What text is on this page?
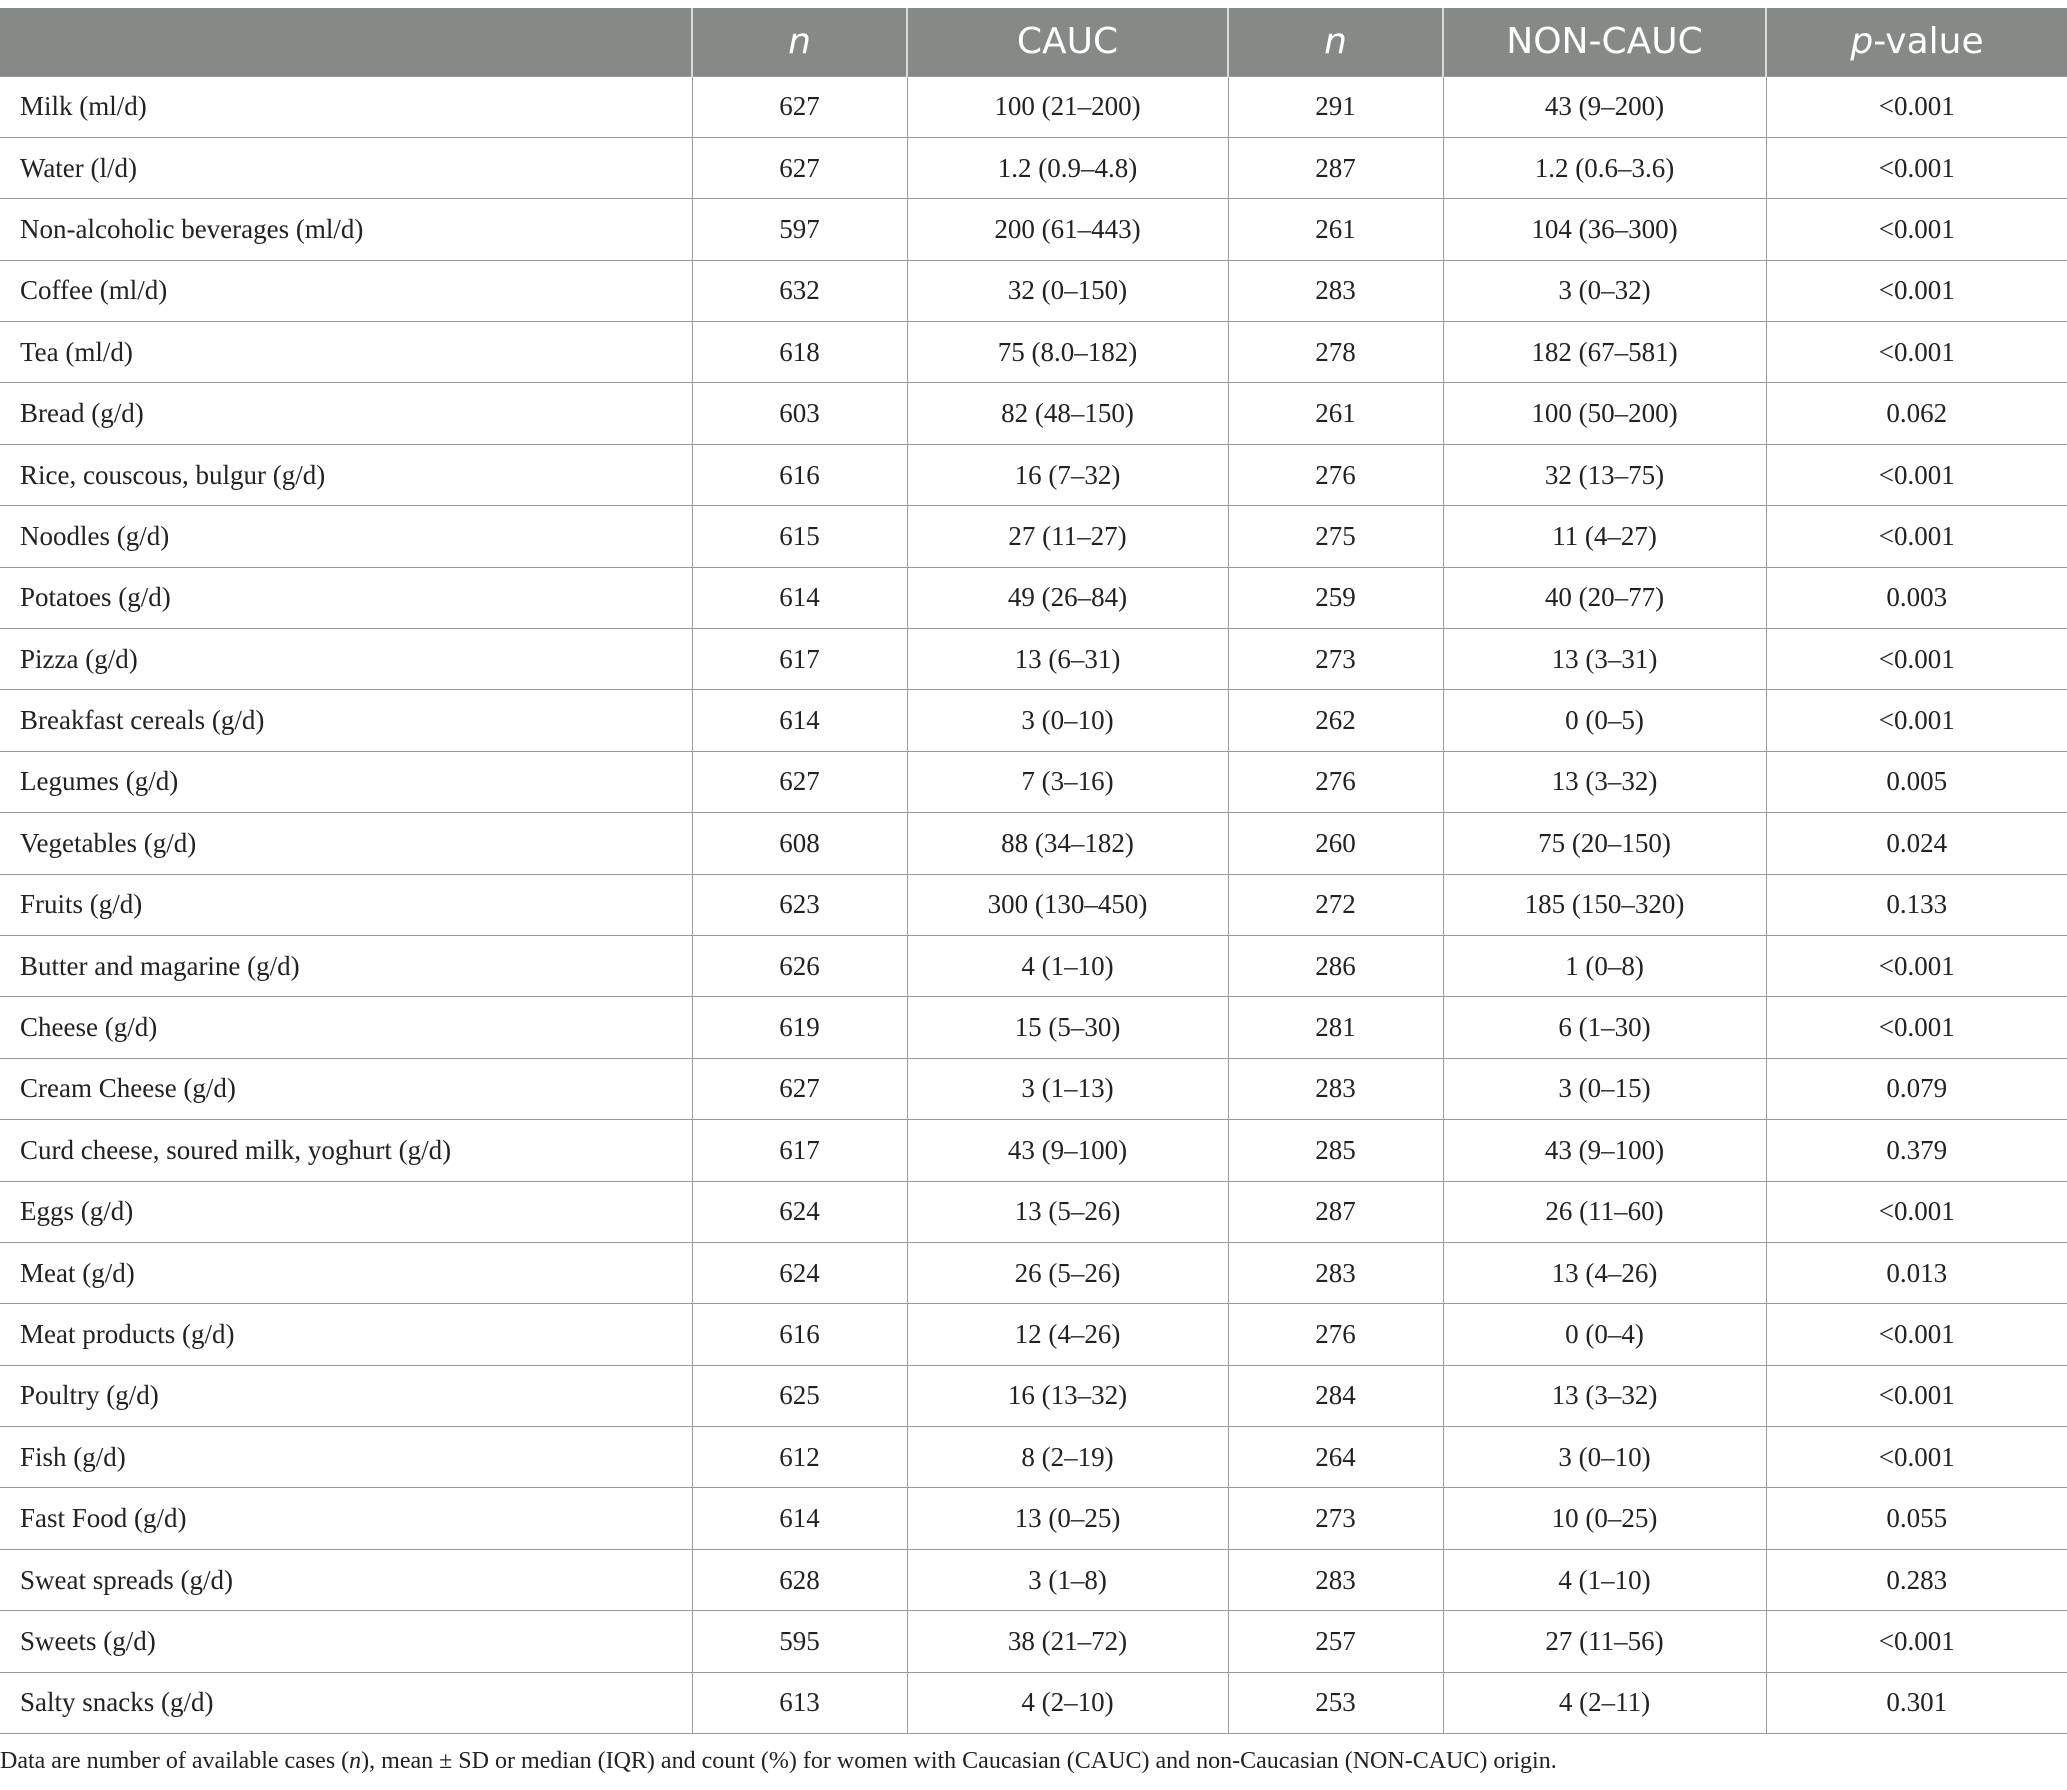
	n	CAUC	n	NON-CAUC	p-value
Milk (ml/d)	627	100 (21–200)	291	43 (9–200)	<0.001
Water (l/d)	627	1.2 (0.9–4.8)	287	1.2 (0.6–3.6)	<0.001
Non-alcoholic beverages (ml/d)	597	200 (61–443)	261	104 (36–300)	<0.001
Coffee (ml/d)	632	32 (0–150)	283	3 (0–32)	<0.001
Tea (ml/d)	618	75 (8.0–182)	278	182 (67–581)	<0.001
Bread (g/d)	603	82 (48–150)	261	100 (50–200)	0.062
Rice, couscous, bulgur (g/d)	616	16 (7–32)	276	32 (13–75)	<0.001
Noodles (g/d)	615	27 (11–27)	275	11 (4–27)	<0.001
Potatoes (g/d)	614	49 (26–84)	259	40 (20–77)	0.003
Pizza (g/d)	617	13 (6–31)	273	13 (3–31)	<0.001
Breakfast cereals (g/d)	614	3 (0–10)	262	0 (0–5)	<0.001
Legumes (g/d)	627	7 (3–16)	276	13 (3–32)	0.005
Vegetables (g/d)	608	88 (34–182)	260	75 (20–150)	0.024
Fruits (g/d)	623	300 (130–450)	272	185 (150–320)	0.133
Butter and magarine (g/d)	626	4 (1–10)	286	1 (0–8)	<0.001
Cheese (g/d)	619	15 (5–30)	281	6 (1–30)	<0.001
Cream Cheese (g/d)	627	3 (1–13)	283	3 (0–15)	0.079
Curd cheese, soured milk, yoghurt (g/d)	617	43 (9–100)	285	43 (9–100)	0.379
Eggs (g/d)	624	13 (5–26)	287	26 (11–60)	<0.001
Meat (g/d)	624	26 (5–26)	283	13 (4–26)	0.013
Meat products (g/d)	616	12 (4–26)	276	0 (0–4)	<0.001
Poultry (g/d)	625	16 (13–32)	284	13 (3–32)	<0.001
Fish (g/d)	612	8 (2–19)	264	3 (0–10)	<0.001
Fast Food (g/d)	614	13 (0–25)	273	10 (0–25)	0.055
Sweat spreads (g/d)	628	3 (1–8)	283	4 (1–10)	0.283
Sweets (g/d)	595	38 (21–72)	257	27 (11–56)	<0.001
Salty snacks (g/d)	613	4 (2–10)	253	4 (2–11)	0.301
Data are number of available cases (n), mean ± SD or median (IQR) and count (%) for women with Caucasian (CAUC) and non-Caucasian (NON-CAUC) origin.
